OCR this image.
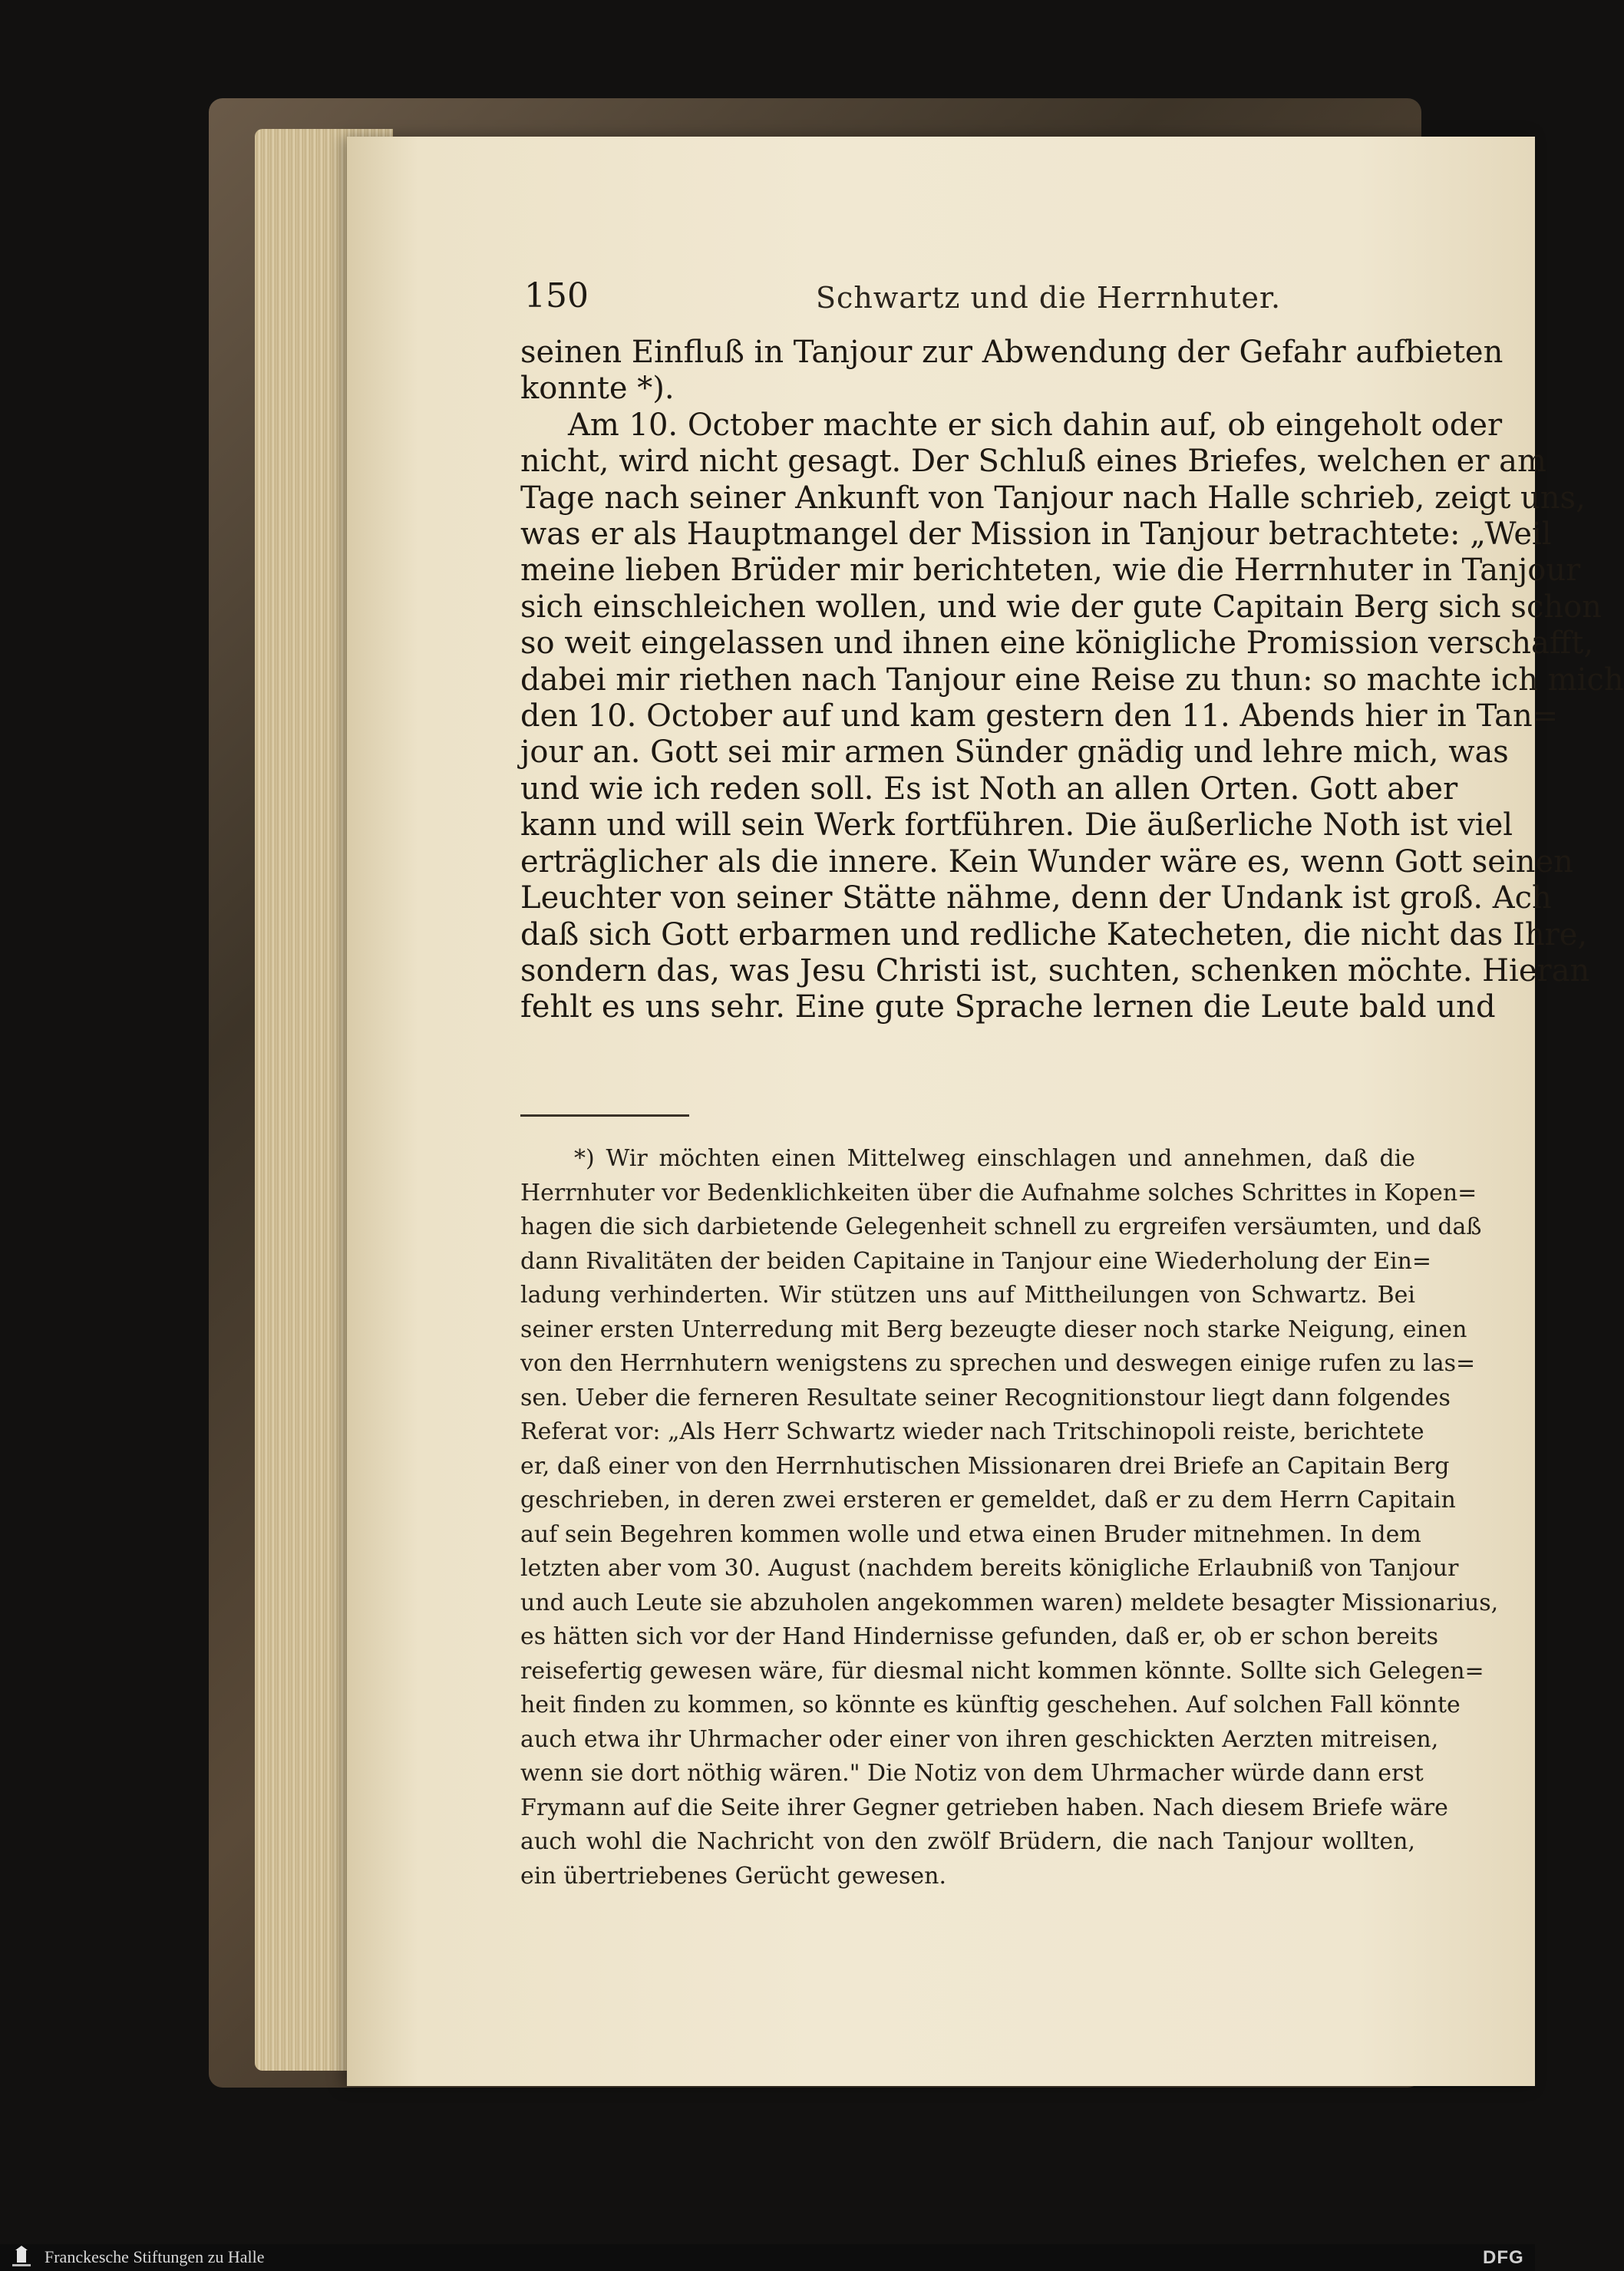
150	Schwartz und die Herrnhuter.
seinen Einfluß in Tanjour zur Abwendung der Gefahr aufbieten
konnte *).
Am 10. October machte er sich dahin auf, ob eingeholt oder
nicht, wird nicht gesagt. Der Schluß eines Briefes, welchen er am
Tage nach seiner Ankunft von Tanjour nach Halle schrieb, zeigt uns,
was er als Hauptmangel der Mission in Tanjour betrachtete: „Weil
meine lieben Brüder mir berichteten, wie die Herrnhuter in Tanjour
sich einschleichen wollen, und wie der gute Capitain Berg sich schon
so weit eingelassen und ihnen eine königliche Promission verschafft,
dabei mir riethen nach Tanjour eine Reise zu thun: so machte ich mich
den 10. October auf und kam gestern den 11. Abends hier in Tan=
jour an. Gott sei mir armen Sünder gnädig und lehre mich, was
und wie ich reden soll. Es ist Noth an allen Orten. Gott aber
kann und will sein Werk fortführen. Die äußerliche Noth ist viel
erträglicher als die innere. Kein Wunder wäre es, wenn Gott seinen
Leuchter von seiner Stätte nähme, denn der Undank ist groß. Ach
daß sich Gott erbarmen und redliche Katecheten, die nicht das Ihre,
sondern das, was Jesu Christi ist, suchten, schenken möchte. Hieran
fehlt es uns sehr. Eine gute Sprache lernen die Leute bald und
*) Wir möchten einen Mittelweg einschlagen und annehmen, daß die
Herrnhuter vor Bedenklichkeiten über die Aufnahme solches Schrittes in Kopen=
hagen die sich darbietende Gelegenheit schnell zu ergreifen versäumten, und daß
dann Rivalitäten der beiden Capitaine in Tanjour eine Wiederholung der Ein=
ladung verhinderten. Wir stützen uns auf Mittheilungen von Schwartz. Bei
seiner ersten Unterredung mit Berg bezeugte dieser noch starke Neigung, einen
von den Herrnhutern wenigstens zu sprechen und deswegen einige rufen zu las=
sen. Ueber die ferneren Resultate seiner Recognitionstour liegt dann folgendes
Referat vor: „Als Herr Schwartz wieder nach Tritschinopoli reiste, berichtete
er, daß einer von den Herrnhutischen Missionaren drei Briefe an Capitain Berg
geschrieben, in deren zwei ersteren er gemeldet, daß er zu dem Herrn Capitain
auf sein Begehren kommen wolle und etwa einen Bruder mitnehmen. In dem
letzten aber vom 30. August (nachdem bereits königliche Erlaubniß von Tanjour
und auch Leute sie abzuholen angekommen waren) meldete besagter Missionarius,
es hätten sich vor der Hand Hindernisse gefunden, daß er, ob er schon bereits
reisefertig gewesen wäre, für diesmal nicht kommen könnte. Sollte sich Gelegen=
heit finden zu kommen, so könnte es künftig geschehen. Auf solchen Fall könnte
auch etwa ihr Uhrmacher oder einer von ihren geschickten Aerzten mitreisen,
wenn sie dort nöthig wären." Die Notiz von dem Uhrmacher würde dann erst
Frymann auf die Seite ihrer Gegner getrieben haben. Nach diesem Briefe wäre
auch wohl die Nachricht von den zwölf Brüdern, die nach Tanjour wollten,
ein übertriebenes Gerücht gewesen.
Franckesche Stiftungen zu Halle	DFG
